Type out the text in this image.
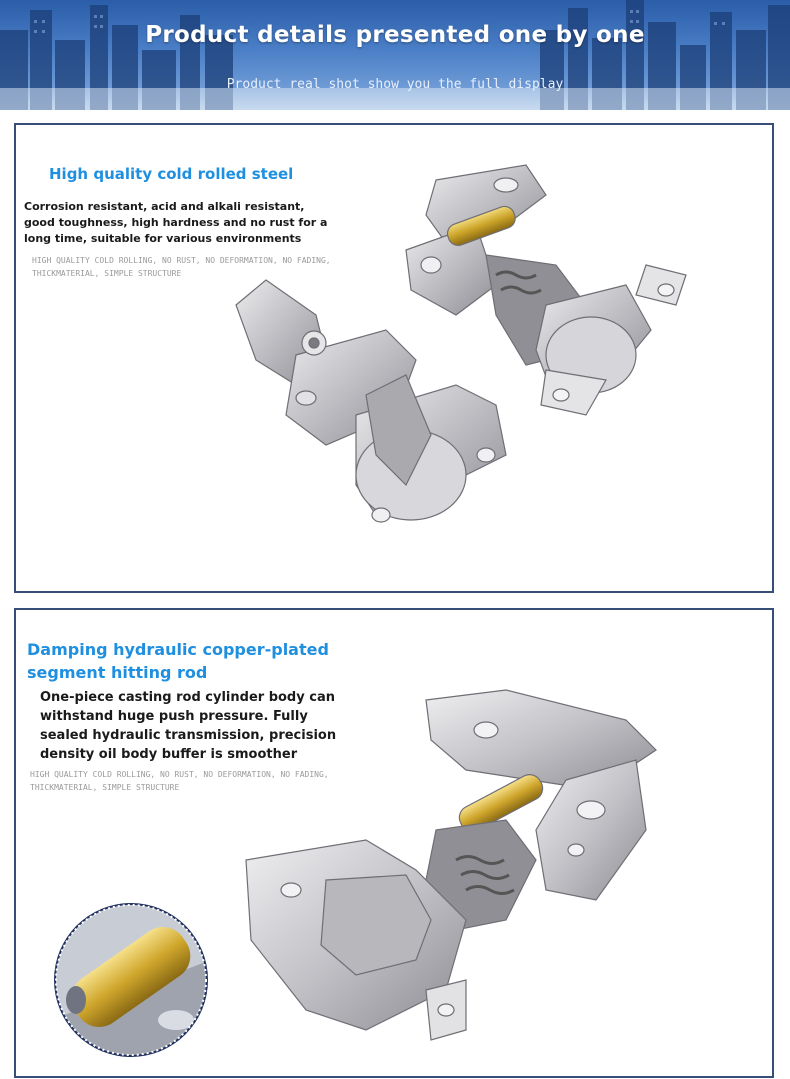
Product details presented one by one
Product real shot show you the full display
High quality cold rolled steel
Corrosion resistant, acid and alkali resistant, good toughness, high hardness and no rust for a long time, suitable for various environments
HIGH QUALITY COLD ROLLING, NO RUST, NO DEFORMATION, NO FADING, THICKMATERIAL, SIMPLE STRUCTURE
Damping hydraulic copper-plated segment hitting rod
One-piece casting rod cylinder body can withstand huge push pressure. Fully sealed hydraulic transmission, precision density oil body buffer is smoother
HIGH QUALITY COLD ROLLING, NO RUST, NO DEFORMATION, NO FADING, THICKMATERIAL, SIMPLE STRUCTURE
